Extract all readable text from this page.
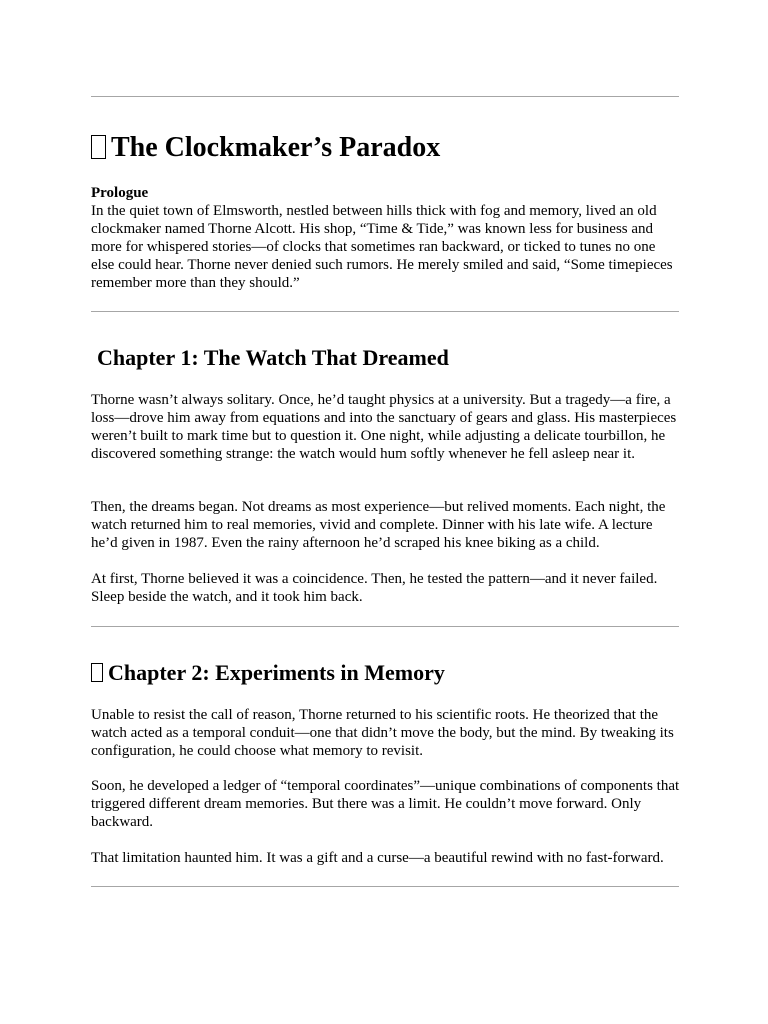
The Clockmaker’s Paradox
Prologue

In the quiet town of Elmsworth, nestled between hills thick with fog and memory, lived an old clockmaker named Thorne Alcott. His shop, “Time & Tide,” was known less for business and more for whispered stories—of clocks that sometimes ran backward, or ticked to tunes no one else could hear. Thorne never denied such rumors. He merely smiled and said, “Some timepieces remember more than they should.”

Chapter 1: The Watch That Dreamed

Thorne wasn’t always solitary. Once, he’d taught physics at a university. But a tragedy—a fire, a loss—drove him away from equations and into the sanctuary of gears and glass. His masterpieces weren’t built to mark time but to question it. One night, while adjusting a delicate tourbillon, he discovered something strange: the watch would hum softly whenever he fell asleep near it.

Then, the dreams began. Not dreams as most experience—but relived moments. Each night, the watch returned him to real memories, vivid and complete. Dinner with his late wife. A lecture he’d given in 1987. Even the rainy afternoon he’d scraped his knee biking as a child.

At first, Thorne believed it was a coincidence. Then, he tested the pattern—and it never failed. Sleep beside the watch, and it took him back.

Chapter 2: Experiments in Memory

Unable to resist the call of reason, Thorne returned to his scientific roots. He theorized that the watch acted as a temporal conduit—one that didn’t move the body, but the mind. By tweaking its configuration, he could choose what memory to revisit.

Soon, he developed a ledger of “temporal coordinates”—unique combinations of components that triggered different dream memories. But there was a limit. He couldn’t move forward. Only backward.

That limitation haunted him. It was a gift and a curse—a beautiful rewind with no fast-forward.
